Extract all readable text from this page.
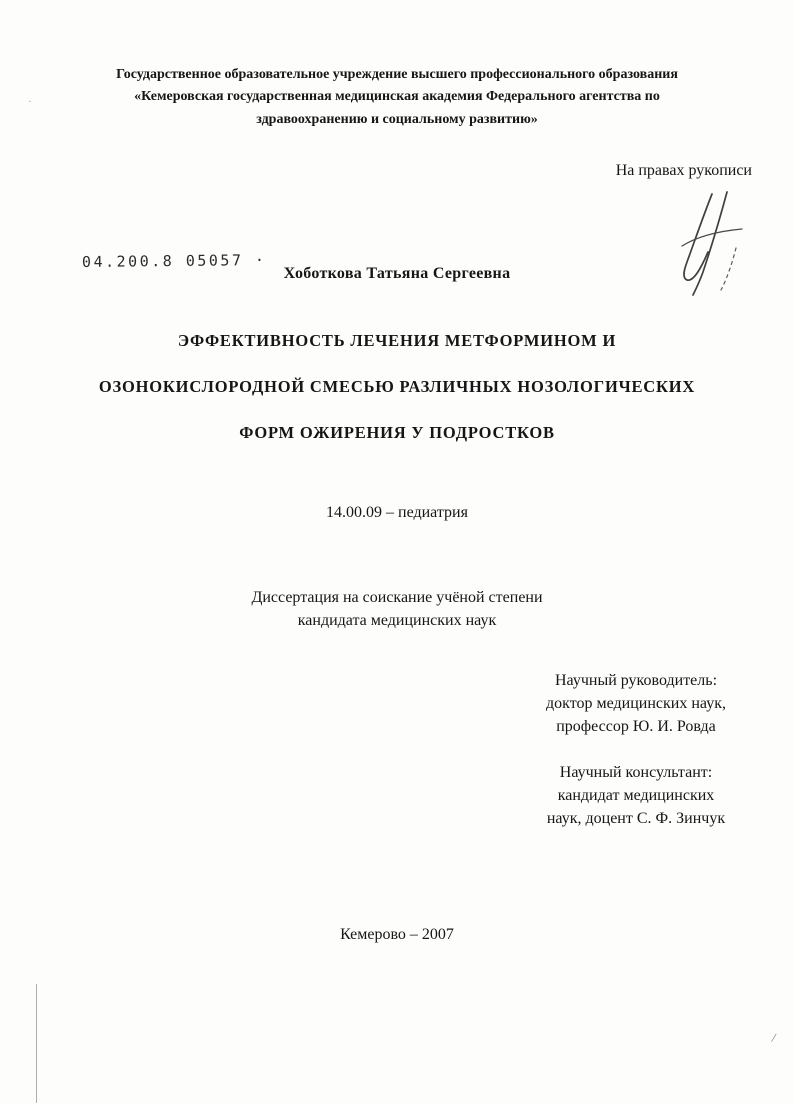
Государственное образовательное учреждение высшего профессионального образования «Кемеровская государственная медицинская академия Федерального агентства по здравоохранению и социальному развитию»
На правах рукописи
04.200.8 05057 ·
Хоботкова Татьяна Сергеевна
ЭФФЕКТИВНОСТЬ ЛЕЧЕНИЯ МЕТФОРМИНОМ И
ОЗОНОКИСЛОРОДНОЙ СМЕСЬЮ РАЗЛИЧНЫХ НОЗОЛОГИЧЕСКИХ
ФОРМ ОЖИРЕНИЯ У ПОДРОСТКОВ
14.00.09 – педиатрия
Диссертация на соискание учёной степени
кандидата медицинских наук
Научный руководитель:
доктор медицинских наук,
профессор Ю. И. Ровда
Научный консультант:
кандидат медицинских
наук, доцент С. Ф. Зинчук
Кемерово – 2007
/
·
